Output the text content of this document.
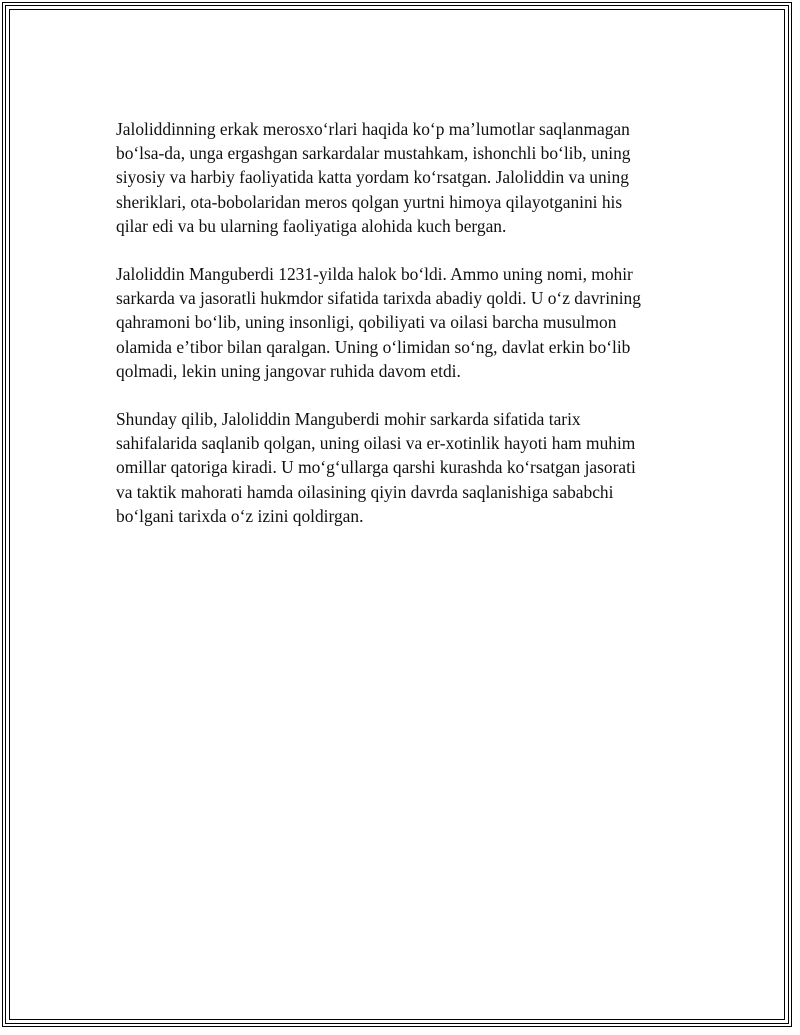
Jaloliddinning erkak merosxoʻrlari haqida koʻp maʼlumotlar saqlanmagan
boʻlsa-da, unga ergashgan sarkardalar mustahkam, ishonchli boʻlib, uning
siyosiy va harbiy faoliyatida katta yordam koʻrsatgan. Jaloliddin va uning
sheriklari, ota-bobolaridan meros qolgan yurtni himoya qilayotganini his
qilar edi va bu ularning faoliyatiga alohida kuch bergan.

Jaloliddin Manguberdi 1231-yilda halok boʻldi. Ammo uning nomi, mohir
sarkarda va jasoratli hukmdor sifatida tarixda abadiy qoldi. U oʻz davrining
qahramoni boʻlib, uning insonligi, qobiliyati va oilasi barcha musulmon
olamida eʼtibor bilan qaralgan. Uning oʻlimidan soʻng, davlat erkin boʻlib
qolmadi, lekin uning jangovar ruhida davom etdi.

Shunday qilib, Jaloliddin Manguberdi mohir sarkarda sifatida tarix
sahifalarida saqlanib qolgan, uning oilasi va er-xotinlik hayoti ham muhim
omillar qatoriga kiradi. U moʻgʻullarga qarshi kurashda koʻrsatgan jasorati
va taktik mahorati hamda oilasining qiyin davrda saqlanishiga sababchi
boʻlgani tarixda oʻz izini qoldirgan.
